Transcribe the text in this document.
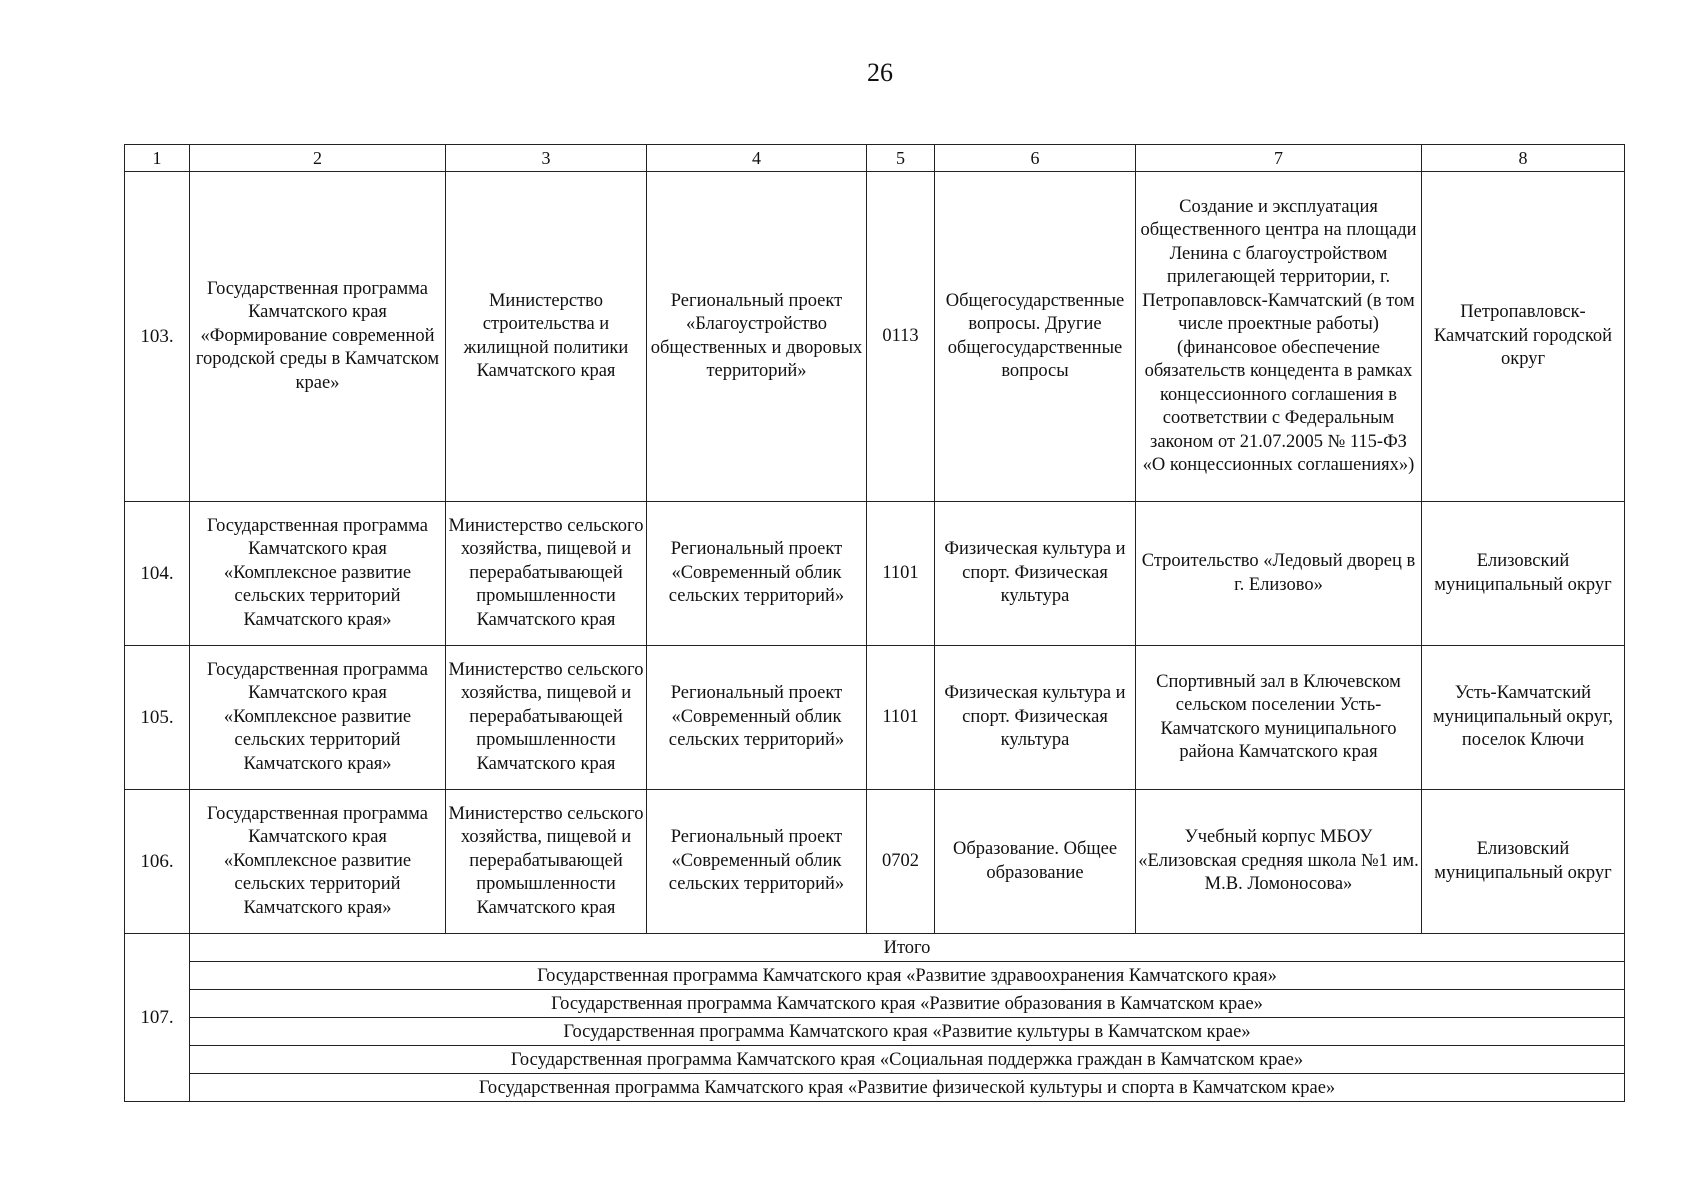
26
1	2	3	4	5	6	7	8
103.	Государственная программа Камчатского края «Формирование современной городской среды в Камчатском крае»	Министерство строительства и жилищной политики Камчатского края	Региональный проект «Благоустройство общественных и дворовых территорий»	0113	Общегосударственные вопросы. Другие общегосударственные вопросы	Создание и эксплуатация общественного центра на площади Ленина с благоустройством прилегающей территории, г. Петропавловск-Камчатский (в том числе проектные работы) (финансовое обеспечение обязательств концедента в рамках концессионного соглашения в соответствии с Федеральным законом от 21.07.2005 № 115-ФЗ «О концессионных соглашениях»)	Петропавловск-Камчатский городской округ
104.	Государственная программа Камчатского края «Комплексное развитие сельских территорий Камчатского края»	Министерство сельского хозяйства, пищевой и перерабатывающей промышленности Камчатского края	Региональный проект «Современный облик сельских территорий»	1101	Физическая культура и спорт. Физическая культура	Строительство «Ледовый дворец в г. Елизово»	Елизовский муниципальный округ
105.	Государственная программа Камчатского края «Комплексное развитие сельских территорий Камчатского края»	Министерство сельского хозяйства, пищевой и перерабатывающей промышленности Камчатского края	Региональный проект «Современный облик сельских территорий»	1101	Физическая культура и спорт. Физическая культура	Спортивный зал в Ключевском сельском поселении Усть-Камчатского муниципального района Камчатского края	Усть-Камчатский муниципальный округ, поселок Ключи
106.	Государственная программа Камчатского края «Комплексное развитие сельских территорий Камчатского края»	Министерство сельского хозяйства, пищевой и перерабатывающей промышленности Камчатского края	Региональный проект «Современный облик сельских территорий»	0702	Образование. Общее образование	Учебный корпус МБОУ «Елизовская средняя школа №1 им. М.В. Ломоносова»	Елизовский муниципальный округ
107.	Итого						
	Государственная программа Камчатского края «Развитие здравоохранения Камчатского края»						
	Государственная программа Камчатского края «Развитие образования в Камчатском крае»						
	Государственная программа Камчатского края «Развитие культуры в Камчатском крае»						
	Государственная программа Камчатского края «Социальная поддержка граждан в Камчатском крае»						
	Государственная программа Камчатского края «Развитие физической культуры и спорта в Камчатском крае»						
